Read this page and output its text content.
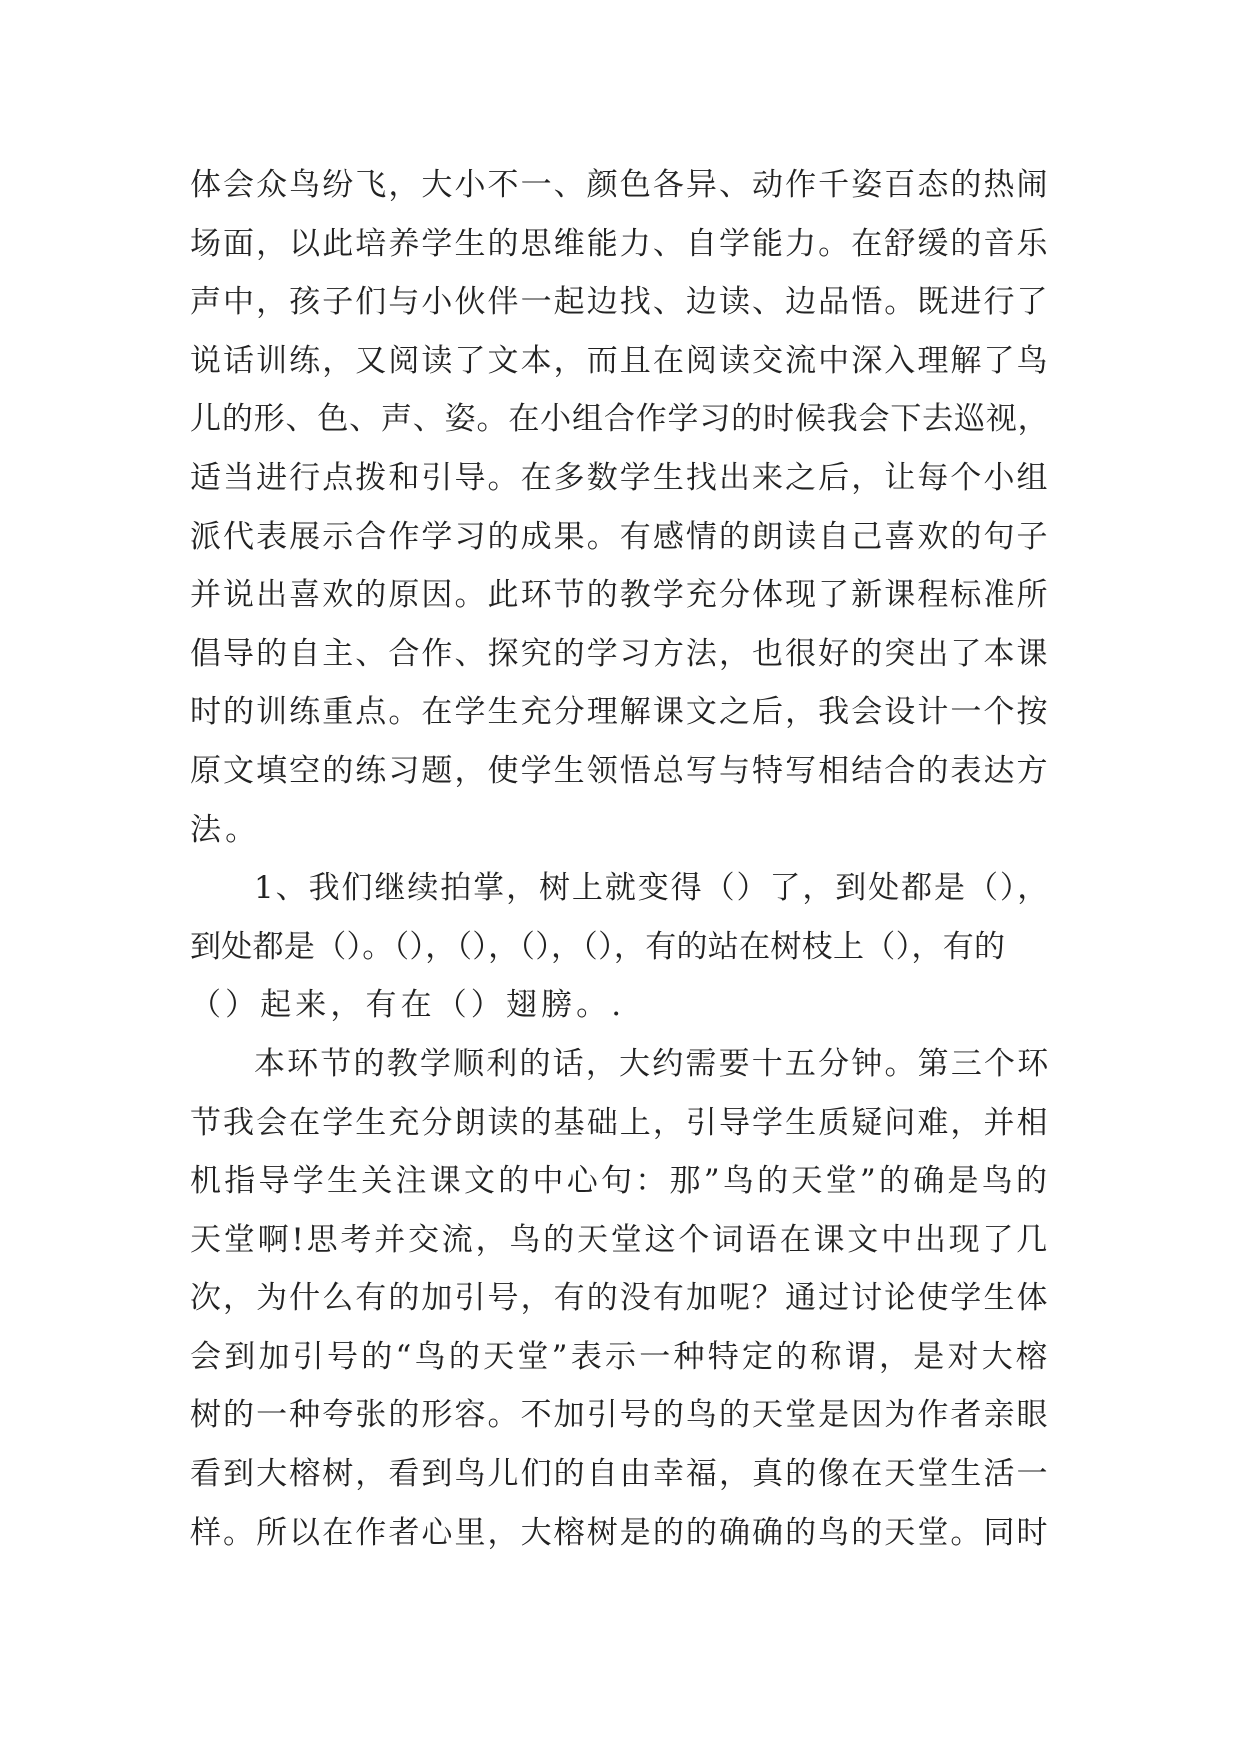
体会众鸟纷飞，大小不一、颜色各异、动作千姿百态的热闹
场面，以此培养学生的思维能力、自学能力。在舒缓的音乐
声中，孩子们与小伙伴一起边找、边读、边品悟。既进行了
说话训练，又阅读了文本，而且在阅读交流中深入理解了鸟
儿的形、色、声、姿。在小组合作学习的时候我会下去巡视，
适当进行点拨和引导。在多数学生找出来之后，让每个小组
派代表展示合作学习的成果。有感情的朗读自己喜欢的句子
并说出喜欢的原因。此环节的教学充分体现了新课程标准所
倡导的自主、合作、探究的学习方法，也很好的突出了本课
时的训练重点。在学生充分理解课文之后，我会设计一个按
原文填空的练习题，使学生领悟总写与特写相结合的表达方
法。
1、我们继续拍掌，树上就变得（）了，到处都是（），
到处都是（）。（），（），（），（），有的站在树枝上（），有的
（）起来，有在（）翅膀。.
本环节的教学顺利的话，大约需要十五分钟。第三个环
节我会在学生充分朗读的基础上，引导学生质疑问难，并相
机指导学生关注课文的中心句：那”鸟的天堂”的确是鸟的
天堂啊!思考并交流，鸟的天堂这个词语在课文中出现了几
次，为什么有的加引号，有的没有加呢？通过讨论使学生体
会到加引号的“鸟的天堂”表示一种特定的称谓，是对大榕
树的一种夸张的形容。不加引号的鸟的天堂是因为作者亲眼
看到大榕树，看到鸟儿们的自由幸福，真的像在天堂生活一
样。所以在作者心里，大榕树是的的确确的鸟的天堂。同时
